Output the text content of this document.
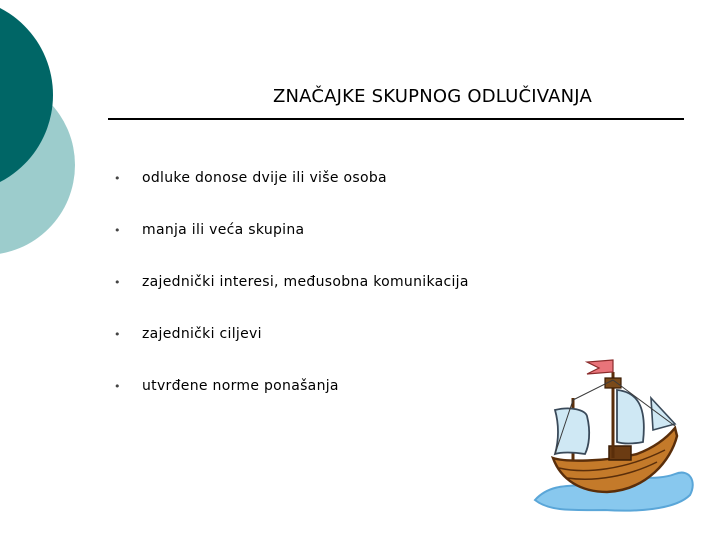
ZNAČAJKE SKUPNOG ODLUČIVANJA
• odluke donose dvije ili više osoba
• manja ili veća skupina
• zajednički interesi, međusobna komunikacija
• zajednički ciljevi
• utvrđene norme ponašanja
